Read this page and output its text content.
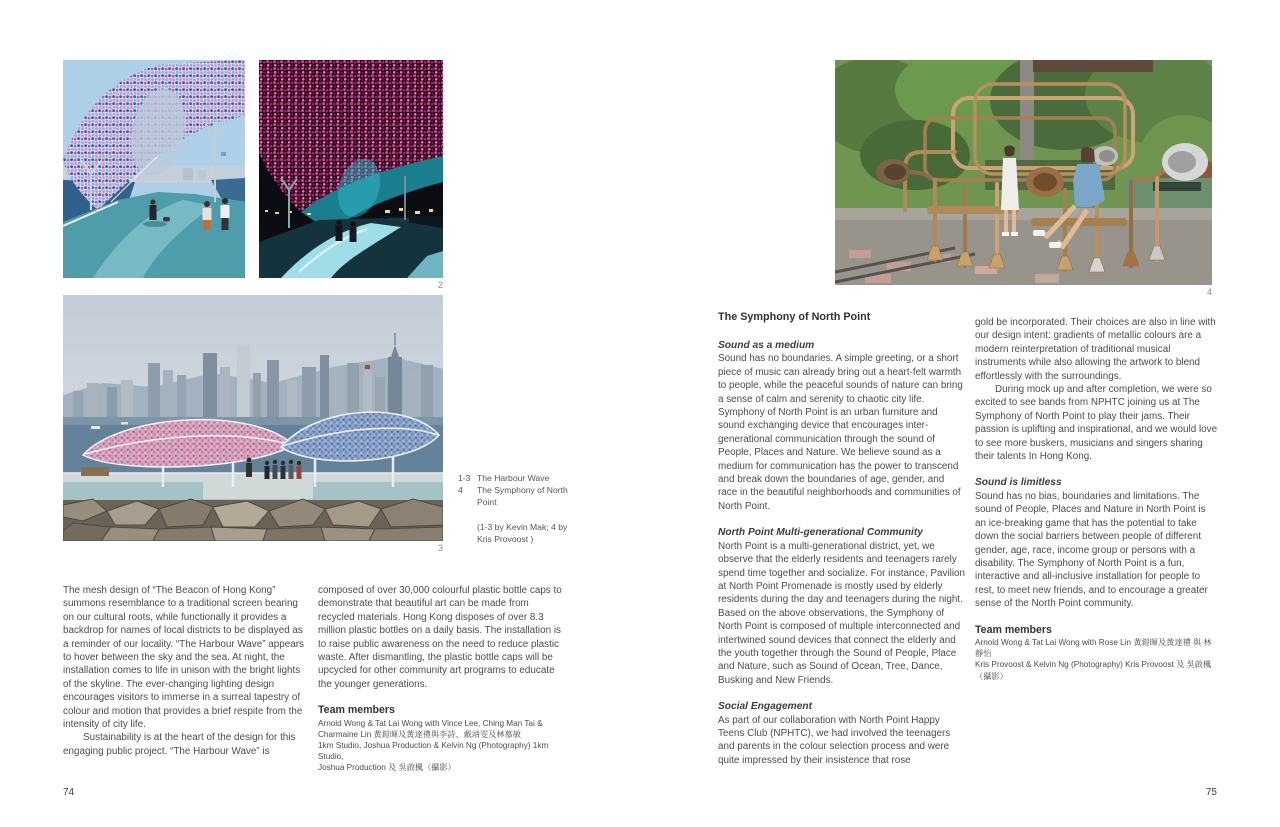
2
3
1-3 The Harbour Wave
4	The Symphony of North Point
(1-3 by Kevin Mak; 4 by Kris Provoost )

The mesh design of “The Beacon of Hong Kong” summons resemblance to a traditional screen bearing on our cultural roots, while functionally it provides a backdrop for names of local districts to be displayed as a reminder of our locality. “The Harbour Wave” appears to hover between the sky and the sea. At night, the installation comes to life in unison with the bright lights of the skyline. The ever-changing lighting design encourages visitors to immerse in a surreal tapestry of colour and motion that provides a brief respite from the intensity of city life.

Sustainability is at the heart of the design for this engaging public project. “The Harbour Wave” is

composed of over 30,000 colourful plastic bottle caps to demonstrate that beautiful art can be made from recycled materials. Hong Kong disposes of over 8.3 million plastic bottles on a daily basis. The installation is to raise public awareness on the need to reduce plastic waste. After dismantling, the plastic bottle caps will be upcycled for other community art programs to educate the younger generations.

Team members
Arnold Wong & Tat Lai Wong with Vince Lee, Ching Man Tai &
Charmaine Lin 黃鎧暉及黃達禮與李詩、戴靖雯及林慕敏
1km Studio, Joshua Production & Kelvin Ng (Photography) 1km Studio,
Joshua Production 及 吳啟楓（攝影）
74
4
The Symphony of North Point

Sound as a medium

Sound has no boundaries. A simple greeting, or a short piece of music can already bring out a heart-felt warmth to people, while the peaceful sounds of nature can bring a sense of calm and serenity to chaotic city life. Symphony of North Point is an urban furniture and sound exchanging device that encourages inter-generational communication through the sound of People, Places and Nature. We believe sound as a medium for communication has the power to transcend and break down the boundaries of age, gender, and race in the beautiful neighborhoods and communities of North Point.

North Point Multi-generational Community

North Point is a multi-generational district, yet, we observe that the elderly residents and teenagers rarely spend time together and socialize. For instance, Pavilion at North Point Promenade is mostly used by elderly residents during the day and teenagers during the night. Based on the above observations, the Symphony of North Point is composed of multiple interconnected and intertwined sound devices that connect the elderly and the youth together through the Sound of People, Place and Nature, such as Sound of Ocean, Tree, Dance, Busking and New Friends.

Social Engagement

As part of our collaboration with North Point Happy Teens Club (NPHTC), we had involved the teenagers and parents in the colour selection process and were quite impressed by their insistence that rose

gold be incorporated. Their choices are also in line with our design intent: gradients of metallic colours are a modern reinterpretation of traditional musical instruments while also allowing the artwork to blend effortlessly with the surroundings.

During mock up and after completion, we were so excited to see bands from NPHTC joining us at The Symphony of North Point to play their jams. Their passion is uplifting and inspirational, and we would love to see more buskers, musicians and singers sharing their talents In Hong Kong.

Sound is limitless

Sound has no bias, boundaries and limitations. The sound of People, Places and Nature in North Point is an ice-breaking game that has the potential to take down the social barriers between people of different gender, age, race, income group or persons with a disability. The Symphony of North Point is a fun, interactive and all-inclusive installation for people to rest, to meet new friends, and to encourage a greater sense of the North Point community.

Team members
Arnold Wong & Tat Lai Wong with Rose Lin 黃鎧暉及黃達禮 與 林靜怡
Kris Provoost & Kelvin Ng (Photography) Kris Provoost 及 吳啟楓（攝影）
75
